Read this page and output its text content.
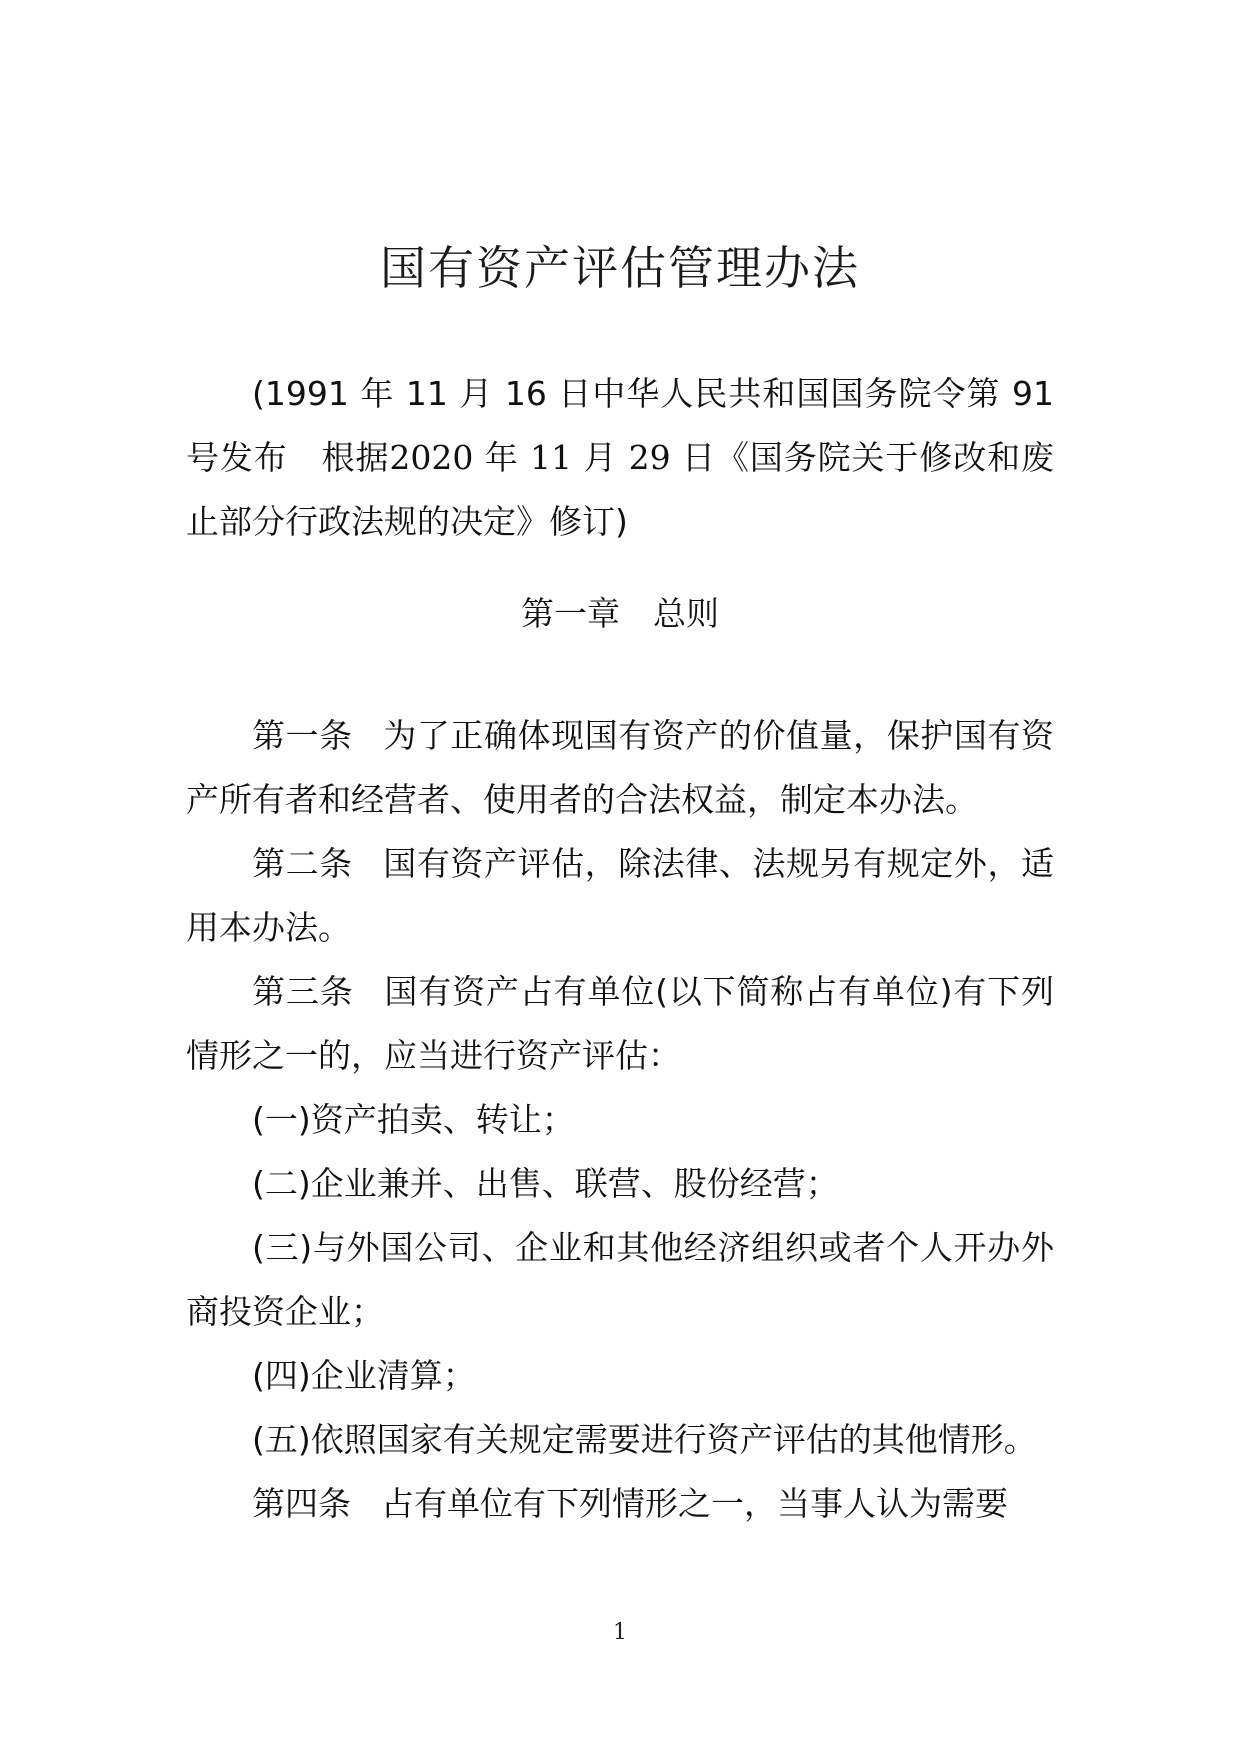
国有资产评估管理办法
(1991 年 11 月 16 日中华人民共和国国务院令第 91 号发布　根据2020 年 11 月 29 日《国务院关于修改和废止部分行政法规的决定》修订)
第一章　总则

第一条 为了正确体现国有资产的价值量，保护国有资产所有者和经营者、使用者的合法权益，制定本办法。

第二条 国有资产评估，除法律、法规另有规定外，适用本办法。

第三条 国有资产占有单位(以下简称占有单位)有下列情形之一的，应当进行资产评估：

(一)资产拍卖、转让；

(二)企业兼并、出售、联营、股份经营；

(三)与外国公司、企业和其他经济组织或者个人开办外商投资企业；

(四)企业清算；

(五)依照国家有关规定需要进行资产评估的其他情形。

第四条 占有单位有下列情形之一，当事人认为需要

1
